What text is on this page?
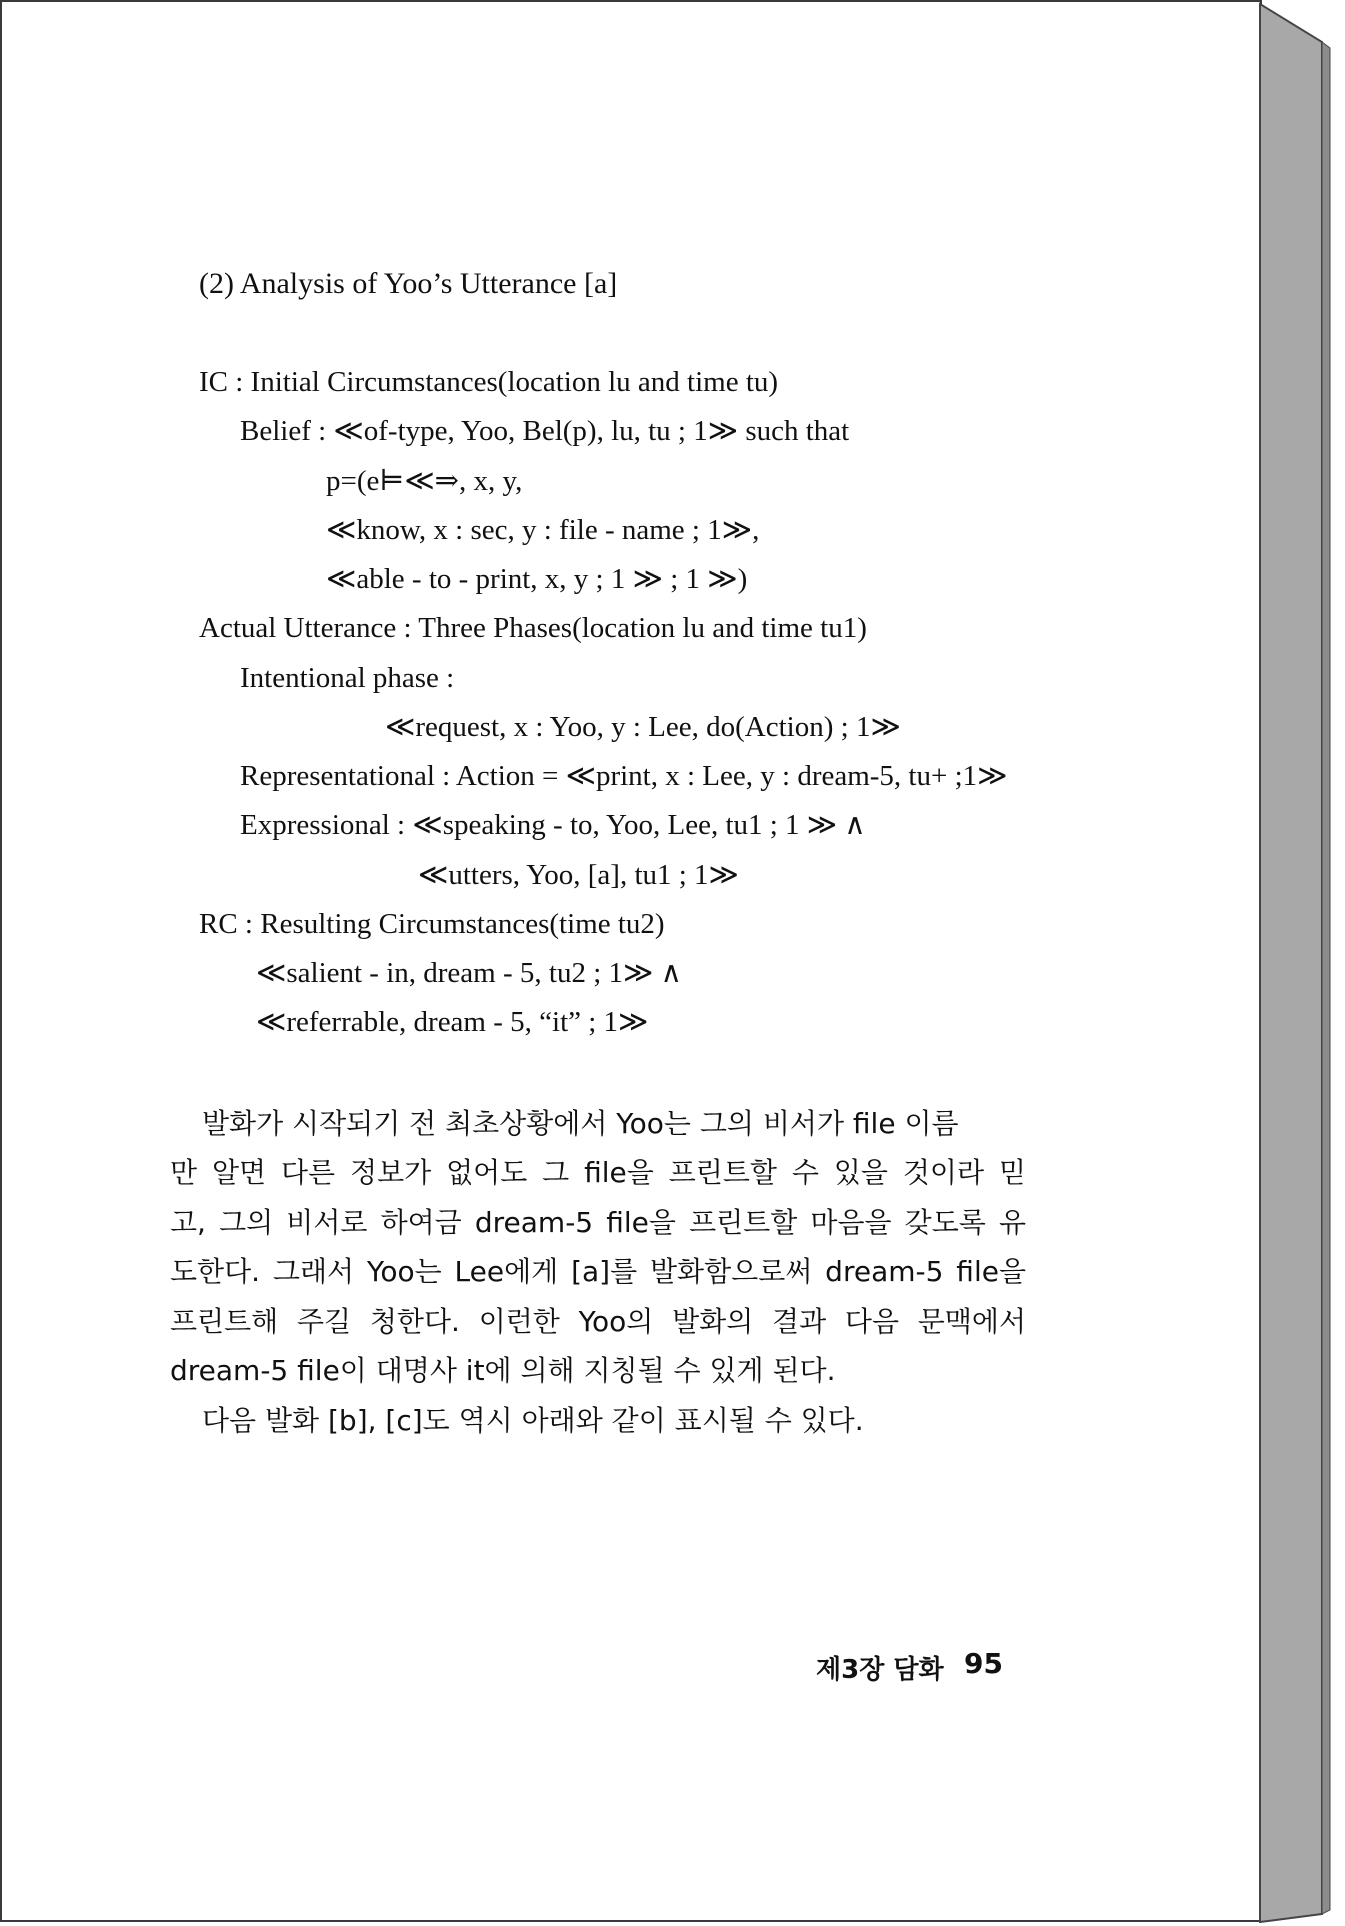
(2) Analysis of Yoo’s Utterance [a]
IC : Initial Circumstances(location lu and time tu)
Belief : ≪of-type, Yoo, Bel(p), lu, tu ; 1≫ such that
p=(e⊨≪⇒, x, y,
≪know, x : sec, y : file - name ; 1≫,
≪able - to - print, x, y ; 1 ≫ ; 1 ≫)
Actual Utterance : Three Phases(location lu and time tu1)
Intentional phase :
≪request, x : Yoo, y : Lee, do(Action) ; 1≫
Representational : Action = ≪print, x : Lee, y : dream-5, tu+ ;1≫
Expressional : ≪speaking - to, Yoo, Lee, tu1 ; 1 ≫ ∧
≪utters, Yoo, [a], tu1 ; 1≫
RC : Resulting Circumstances(time tu2)
≪salient - in, dream - 5, tu2 ; 1≫ ∧
≪referrable, dream - 5, “it” ; 1≫
발화가 시작되기 전 최초상황에서 Yoo는 그의 비서가 file 이름
만 알면 다른 정보가 없어도 그 file을 프린트할 수 있을 것이라 믿
고, 그의 비서로 하여금 dream-5 file을 프린트할 마음을 갖도록 유
도한다. 그래서 Yoo는 Lee에게 [a]를 발화함으로써 dream-5 file을
프린트해 주길 청한다. 이런한 Yoo의 발화의 결과 다음 문맥에서
dream-5 file이 대명사 it에 의해 지칭될 수 있게 된다.
다음 발화 [b], [c]도 역시 아래와 같이 표시될 수 있다.
제3장 담화 95
